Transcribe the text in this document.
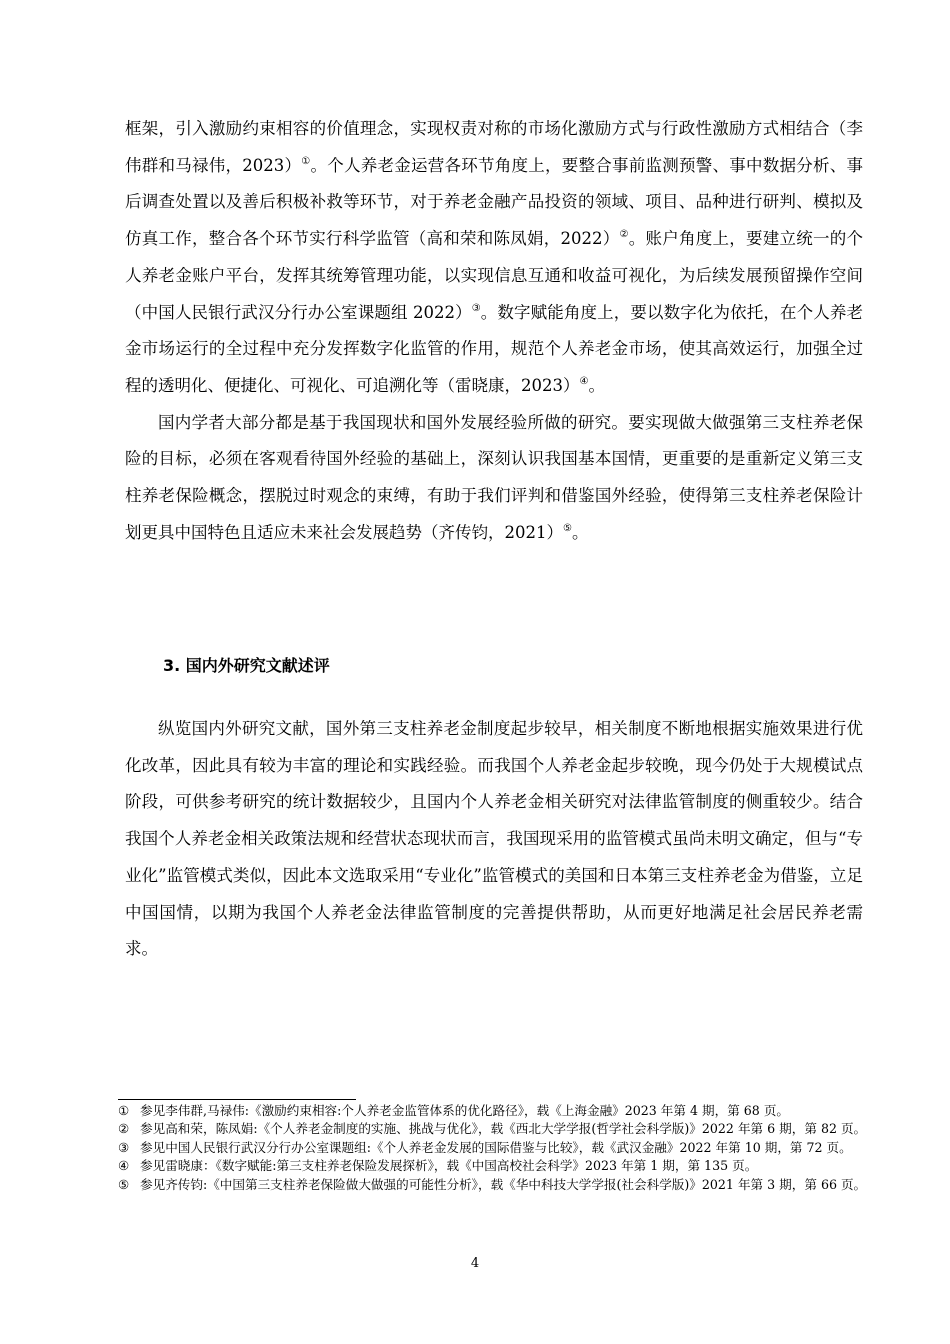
框架，引入激励约束相容的价值理念，实现权责对称的市场化激励方式与行政性激励方式相结合（李伟群和马禄伟，2023）①。个人养老金运营各环节角度上，要整合事前监测预警、事中数据分析、事后调查处置以及善后积极补救等环节，对于养老金融产品投资的领域、项目、品种进行研判、模拟及仿真工作，整合各个环节实行科学监管（高和荣和陈凤娟，2022）②。账户角度上，要建立统一的个人养老金账户平台，发挥其统筹管理功能，以实现信息互通和收益可视化，为后续发展预留操作空间（中国人民银行武汉分行办公室课题组 2022）③。数字赋能角度上，要以数字化为依托，在个人养老金市场运行的全过程中充分发挥数字化监管的作用，规范个人养老金市场，使其高效运行，加强全过程的透明化、便捷化、可视化、可追溯化等（雷晓康，2023）④。

国内学者大部分都是基于我国现状和国外发展经验所做的研究。要实现做大做强第三支柱养老保险的目标，必须在客观看待国外经验的基础上，深刻认识我国基本国情，更重要的是重新定义第三支柱养老保险概念，摆脱过时观念的束缚，有助于我们评判和借鉴国外经验，使得第三支柱养老保险计划更具中国特色且适应未来社会发展趋势（齐传钧，2021）⑤。

3. 国内外研究文献述评

纵览国内外研究文献，国外第三支柱养老金制度起步较早，相关制度不断地根据实施效果进行优化改革，因此具有较为丰富的理论和实践经验。而我国个人养老金起步较晚，现今仍处于大规模试点阶段，可供参考研究的统计数据较少，且国内个人养老金相关研究对法律监管制度的侧重较少。结合我国个人养老金相关政策法规和经营状态现状而言，我国现采用的监管模式虽尚未明文确定，但与“专业化”监管模式类似，因此本文选取采用“专业化”监管模式的美国和日本第三支柱养老金为借鉴，立足中国国情，以期为我国个人养老金法律监管制度的完善提供帮助，从而更好地满足社会居民养老需求。

① 参见李伟群,马禄伟:《激励约束相容:个人养老金监管体系的优化路径》，载《上海金融》2023 年第 4 期，第 68 页。

② 参见高和荣，陈凤娟:《个人养老金制度的实施、挑战与优化》，载《西北大学学报(哲学社会科学版)》2022 年第 6 期，第 82 页。

③ 参见中国人民银行武汉分行办公室课题组:《个人养老金发展的国际借鉴与比较》，载《武汉金融》2022 年第 10 期，第 72 页。

④ 参见雷晓康：《数字赋能:第三支柱养老保险发展探析》，载《中国高校社会科学》2023 年第 1 期，第 135 页。

⑤ 参见齐传钧:《中国第三支柱养老保险做大做强的可能性分析》，载《华中科技大学学报(社会科学版)》2021 年第 3 期，第 66 页。

4
